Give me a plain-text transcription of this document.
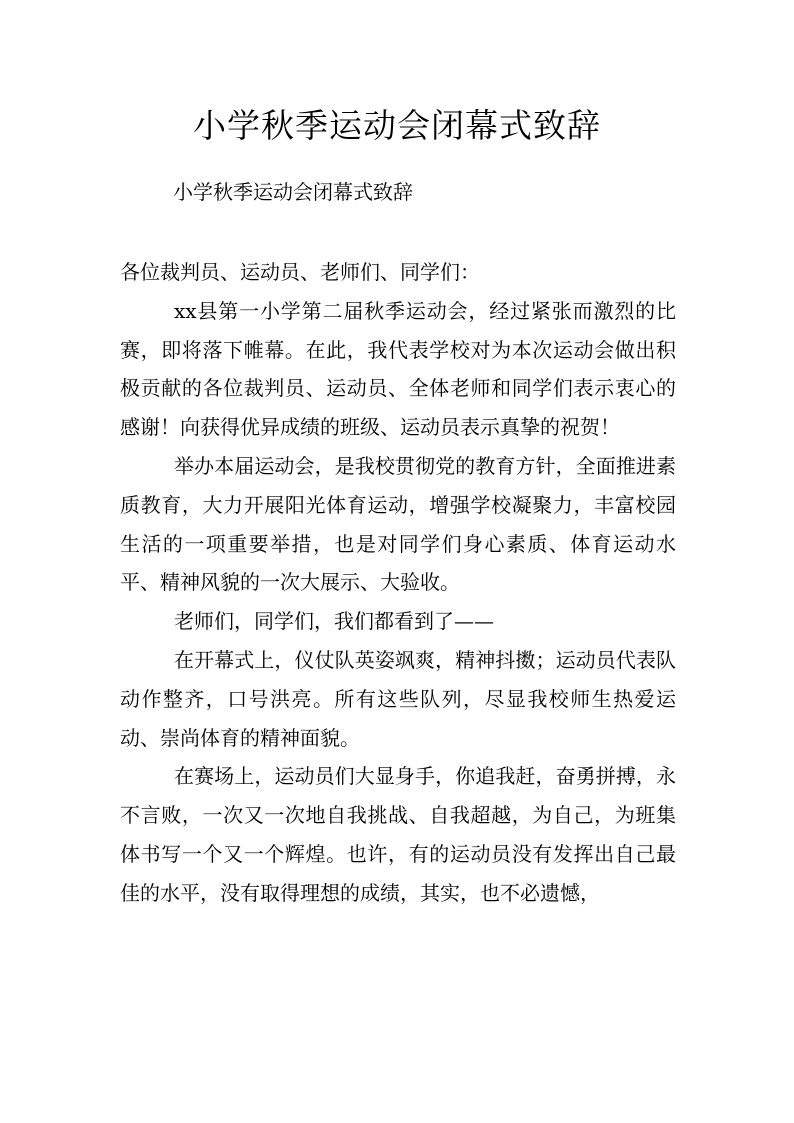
小学秋季运动会闭幕式致辞

小学秋季运动会闭幕式致辞

各位裁判员、运动员、老师们、同学们：

xx县第一小学第二届秋季运动会，经过紧张而激烈的比赛，即将落下帷幕。在此，我代表学校对为本次运动会做出积极贡献的各位裁判员、运动员、全体老师和同学们表示衷心的感谢！向获得优异成绩的班级、运动员表示真挚的祝贺！

举办本届运动会，是我校贯彻党的教育方针，全面推进素质教育，大力开展阳光体育运动，增强学校凝聚力，丰富校园生活的一项重要举措，也是对同学们身心素质、体育运动水平、精神风貌的一次大展示、大验收。

老师们，同学们，我们都看到了——

在开幕式上，仪仗队英姿飒爽，精神抖擞；运动员代表队动作整齐，口号洪亮。所有这些队列，尽显我校师生热爱运动、崇尚体育的精神面貌。

在赛场上，运动员们大显身手，你追我赶，奋勇拼搏，永不言败，一次又一次地自我挑战、自我超越，为自己，为班集体书写一个又一个辉煌。也许，有的运动员没有发挥出自己最佳的水平，没有取得理想的成绩，其实，也不必遗憾，
